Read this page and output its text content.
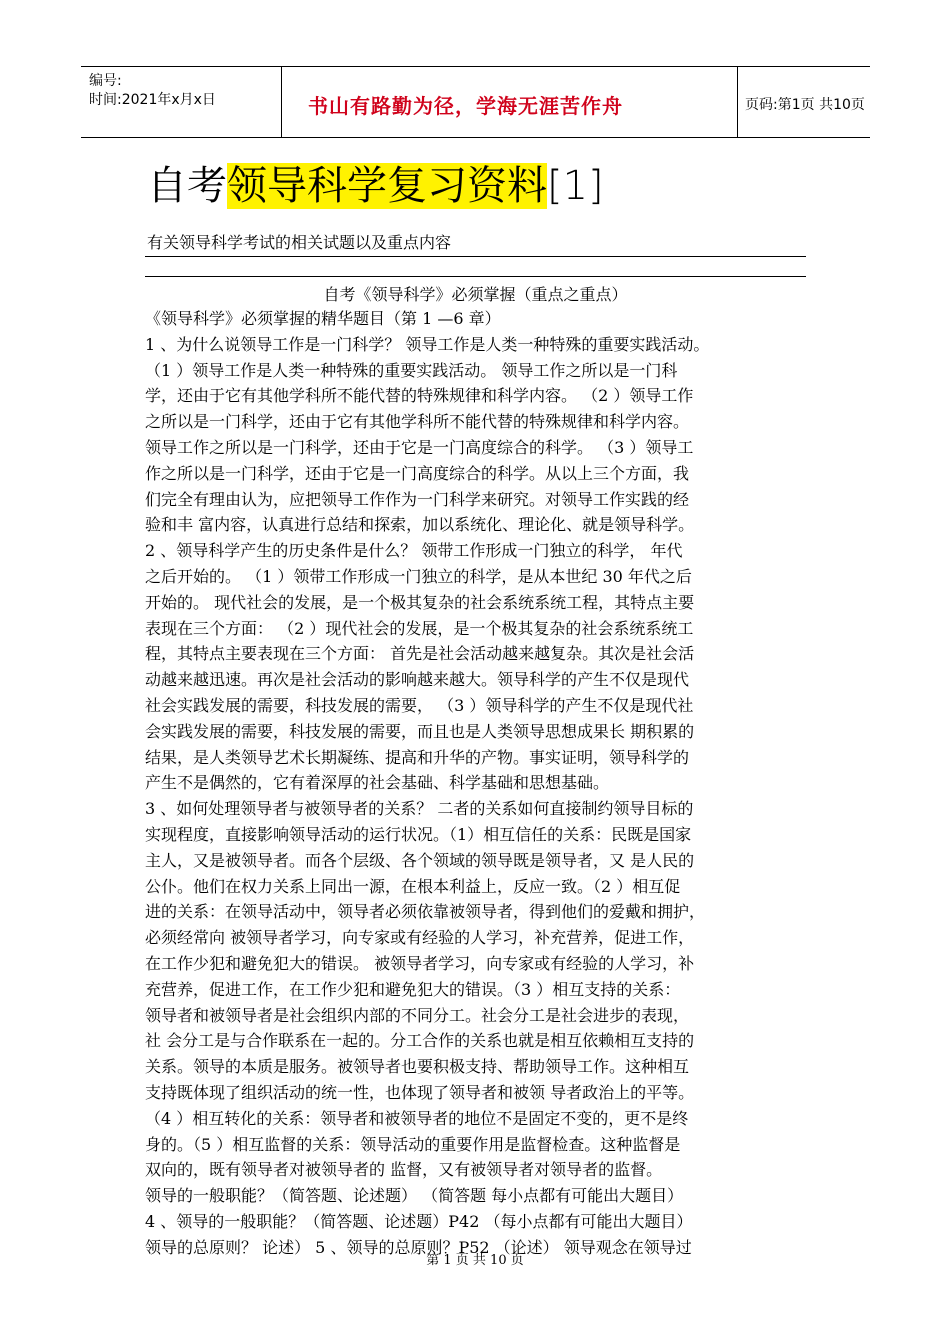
编号:
时间:2021年x月x日	书山有路勤为径，学海无涯苦作舟	页码:第1页 共10页
自考领导科学复习资料[1]
有关领导科学考试的相关试题以及重点内容
自考《领导科学》必须掌握（重点之重点）
《领导科学》必须掌握的精华题目（第 1 —6 章）
1 、为什么说领导工作是一门科学？ 领导工作是人类一种特殊的重要实践活动。
（1 ）领导工作是人类一种特殊的重要实践活动。 领导工作之所以是一门科
学，还由于它有其他学科所不能代替的特殊规律和科学内容。 （2 ）领导工作
之所以是一门科学，还由于它有其他学科所不能代替的特殊规律和科学内容。
领导工作之所以是一门科学，还由于它是一门高度综合的科学。 （3 ）领导工
作之所以是一门科学，还由于它是一门高度综合的科学。从以上三个方面，我
们完全有理由认为，应把领导工作作为一门科学来研究。对领导工作实践的经
验和丰 富内容，认真进行总结和探索，加以系统化、理论化、就是领导科学。
2 、领导科学产生的历史条件是什么？ 领带工作形成一门独立的科学， 年代
之后开始的。 （1 ）领带工作形成一门独立的科学，是从本世纪 30 年代之后
开始的。 现代社会的发展，是一个极其复杂的社会系统系统工程，其特点主要
表现在三个方面： （2 ）现代社会的发展，是一个极其复杂的社会系统系统工
程，其特点主要表现在三个方面： 首先是社会活动越来越复杂。其次是社会活
动越来越迅速。再次是社会活动的影响越来越大。领导科学的产生不仅是现代
社会实践发展的需要，科技发展的需要， （3 ）领导科学的产生不仅是现代社
会实践发展的需要，科技发展的需要，而且也是人类领导思想成果长 期积累的
结果，是人类领导艺术长期凝练、提高和升华的产物。事实证明，领导科学的
产生不是偶然的，它有着深厚的社会基础、科学基础和思想基础。
3 、如何处理领导者与被领导者的关系？ 二者的关系如何直接制约领导目标的
实现程度，直接影响领导活动的运行状况。（1）相互信任的关系：民既是国家
主人，又是被领导者。而各个层级、各个领域的领导既是领导者，又 是人民的
公仆。他们在权力关系上同出一源，在根本利益上，反应一致。（2 ）相互促
进的关系：在领导活动中，领导者必须依靠被领导者，得到他们的爱戴和拥护，
必须经常向 被领导者学习，向专家或有经验的人学习，补充营养，促进工作，
在工作少犯和避免犯大的错误。 被领导者学习，向专家或有经验的人学习，补
充营养，促进工作，在工作少犯和避免犯大的错误。（3 ）相互支持的关系：
领导者和被领导者是社会组织内部的不同分工。社会分工是社会进步的表现，
社 会分工是与合作联系在一起的。分工合作的关系也就是相互依赖相互支持的
关系。领导的本质是服务。被领导者也要积极支持、帮助领导工作。这种相互
支持既体现了组织活动的统一性，也体现了领导者和被领 导者政治上的平等。
（4 ）相互转化的关系：领导者和被领导者的地位不是固定不变的，更不是终
身的。（5 ）相互监督的关系：领导活动的重要作用是监督检查。这种监督是
双向的，既有领导者对被领导者的 监督，又有被领导者对领导者的监督。
领导的一般职能？（简答题、论述题） （简答题 每小点都有可能出大题目）
4 、领导的一般职能？（简答题、论述题）P42 （每小点都有可能出大题目）
领导的总原则？ 论述） 5 、领导的总原则？P52 （论述） 领导观念在领导过
第 1 页 共 10 页
